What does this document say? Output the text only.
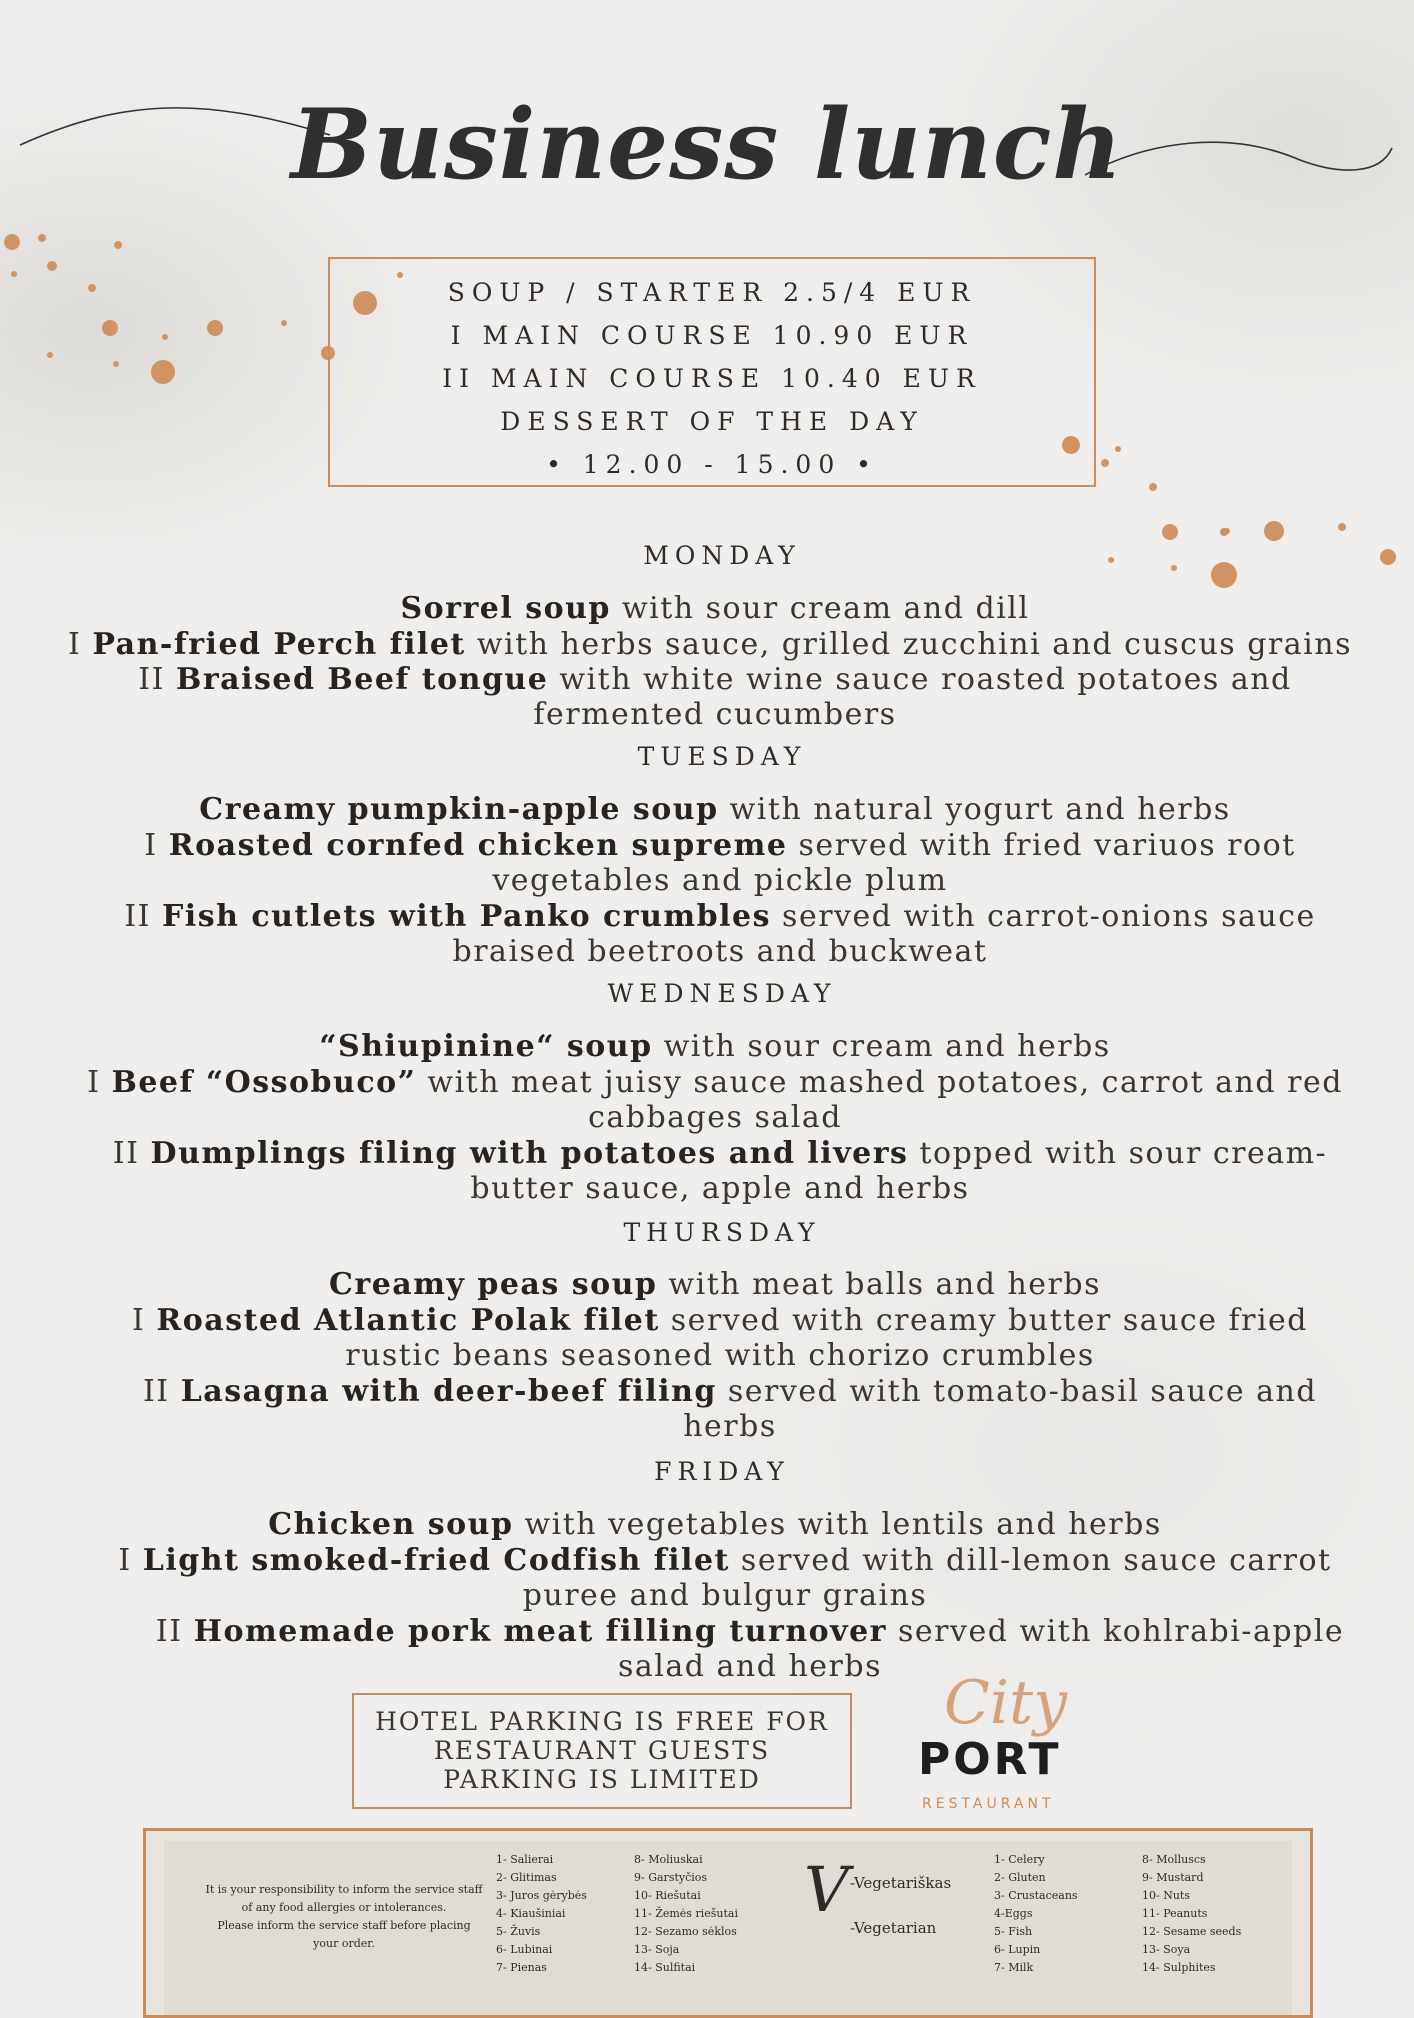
Business lunch
SOUP / STARTER 2.5/4 EUR
I MAIN COURSE 10.90 EUR
II MAIN COURSE 10.40 EUR
DESSERT OF THE DAY
• 12.00 - 15.00 •
MONDAY
Sorrel soup with sour cream and dill
I Pan-fried Perch filet with herbs sauce, grilled zucchini and cuscus grains
II Braised Beef tongue with white wine sauce roasted potatoes and fermented cucumbers
TUESDAY
Creamy pumpkin-apple soup with natural yogurt and herbs
I Roasted cornfed chicken supreme served with fried variuos root vegetables and pickle plum
II Fish cutlets with Panko crumbles served with carrot-onions sauce braised beetroots and buckweat
WEDNESDAY
“Shiupinine“ soup with sour cream and herbs
I Beef “Ossobuco” with meat juisy sauce mashed potatoes, carrot and red cabbages salad
II Dumplings filing with potatoes and livers topped with sour cream-butter sauce, apple and herbs
THURSDAY
Creamy peas soup with meat balls and herbs
I Roasted Atlantic Polak filet served with creamy butter sauce fried rustic beans seasoned with chorizo crumbles
II Lasagna with deer-beef filing served with tomato-basil sauce and herbs
FRIDAY
Chicken soup with vegetables with lentils and herbs
I Light smoked-fried Codfish filet served with dill-lemon sauce carrot puree and bulgur grains
II Homemade pork meat filling turnover served with kohlrabi-apple salad and herbs
HOTEL PARKING IS FREE FOR
RESTAURANT GUESTS
PARKING IS LIMITED
City
PORT
RESTAURANT
It is your responsibility to inform the service staff
of any food allergies or intolerances.
Please inform the service staff before placing
your order.
1- Salierai
2- Glitimas
3- Juros gėrybės
4- Kiaušiniai
5- Žuvis
6- Lubinai
7- Pienas
8- Moliuskai
9- Garstyčios
10- Riešutai
11- Žemės riešutai
12- Sezamo sėklos
13- Soja
14- Sulfitai
V -Vegetariškas
-Vegetarian
1- Celery
2- Gluten
3- Crustaceans
4-Eggs
5- Fish
6- Lupin
7- Milk
8- Molluscs
9- Mustard
10- Nuts
11- Peanuts
12- Sesame seeds
13- Soya
14- Sulphites
